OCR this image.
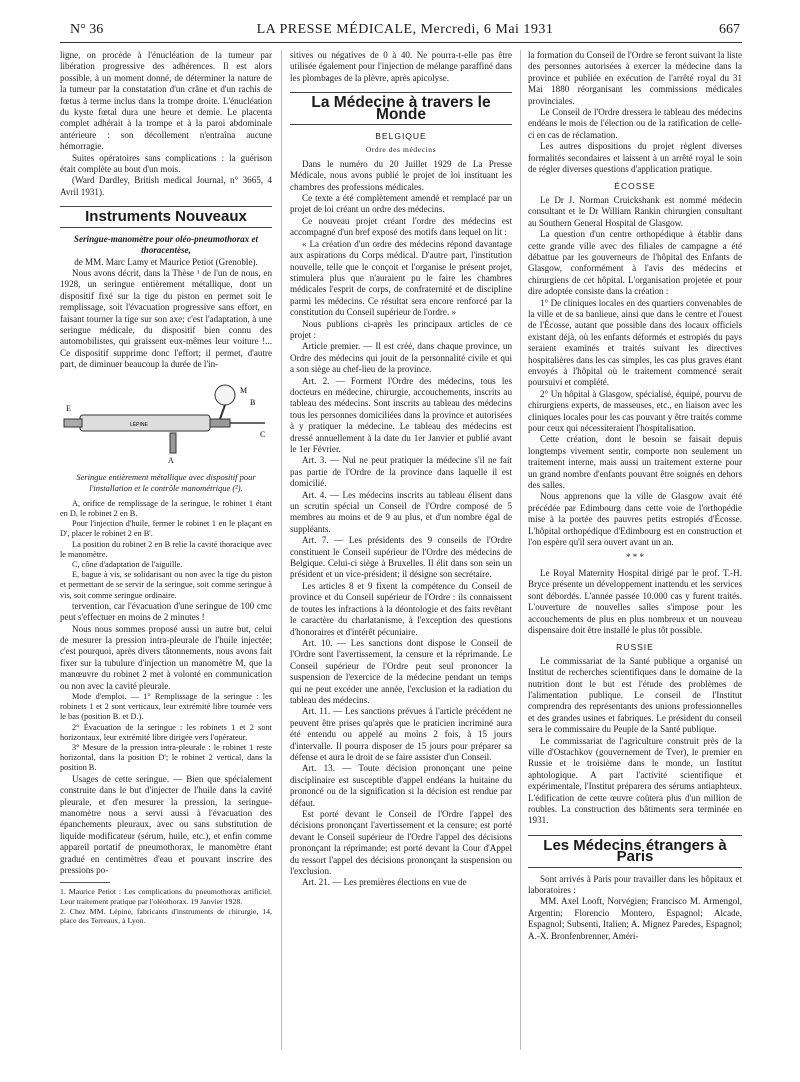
N° 36	LA PRESSE MÉDICALE, Mercredi, 6 Mai 1931	667

ligne, on procède à l'énucléation de la tumeur par libération progressive des adhérences. Il est alors possible, à un moment donné, de déterminer la nature de la tumeur par la constatation d'un crâne et d'un rachis de fœtus à terme inclus dans la trompe droite. L'énucléation du kyste fœtal dura une heure et demie. Le placenta complet adhérait à la trompe et à la paroi abdominale antérieure : son décollement n'entraîna aucune hémorragie.

Suites opératoires sans complications : la guérison était complète au bout d'un mois.

(Ward Dardley, British medical Journal, n° 3665, 4 Avril 1931).

Instruments Nouveaux

Seringue-manomètre pour oléo-pneumothorax et thoracentèse,

de MM. Marc Lamy et Maurice Petiot (Grenoble).

Nous avons décrit, dans la Thèse ¹ de l'un de nous, en 1928, un seringue entièrement métallique, dont un dispositif fixé sur la tige du piston en permet soit le remplissage, soit l'évacuation progressive sans effort, en faisant tourner la tige sur son axe; c'est l'adaptation, à une seringue médicale, du dispositif bien connu des automobilistes, qui graissent eux-mêmes leur voiture !... Ce dispositif supprime donc l'effort; il permet, d'autre part, de diminuer beaucoup la durée de l'in-

LÉPINE
E
M
B
C
A
Seringue entièrement métallique avec dispositif pour l'installation et le contrôle manométrique (²).

A, orifice de remplissage de la seringue, le robinet 1 étant en D, le robinet 2 en B.

Pour l'injection d'huile, fermer le robinet 1 en le plaçant en D', placer le robinet 2 en B'.

La position du robinet 2 en B relie la cavité thoracique avec le manomètre.

C, cône d'adaptation de l'aiguille.

E, bague à vis, se solidarisant ou non avec la tige du piston et permettant de se servir de la seringue, soit comme seringue à vis, soit comme seringue ordinaire.

tervention, car l'évacuation d'une seringue de 100 cmc peut s'effectuer en moins de 2 minutes !

Nous nous sommes proposé aussi un autre but, celui de mesurer la pression intra-pleurale de l'huile injectée; c'est pourquoi, après divers tâtonnements, nous avons fait fixer sur la tubulure d'injection un manomètre M, que la manœuvre du robinet 2 met à volonté en communication ou non avec la cavité pleurale.

Mode d'emploi. — 1° Remplissage de la seringue : les robinets 1 et 2 sont verticaux, leur extrémité libre tournée vers le bas (position B. et D.).

2° Évacuation de la seringue : les robinets 1 et 2 sont horizontaux, leur extrémité libre dirigée vers l'opérateur.

3° Mesure de la pression intra-pleurale : le robinet 1 reste horizontal, dans la position D'; le robinet 2 vertical, dans la position B.

Usages de cette seringue. — Bien que spécialement construite dans le but d'injecter de l'huile dans la cavité pleurale, et d'en mesurer la pression, la seringue-manomètre nous a servi aussi à l'évacuation des épanchements pleuraux, avec ou sans substitution de liquide modificateur (sérum, huile, etc.), et enfin comme appareil portatif de pneumothorax, le manomètre étant gradué en centimètres d'eau et pouvant inscrire des pressions po-

1. Maurice Petiot : Les complications du pneumothorax artificiel. Leur traitement pratique par l'oléothorax. 19 Janvier 1928.

2. Chez MM. Lépine, fabricants d'instruments de chirurgie, 14, place des Terreaux, à Lyon.

sitives ou négatives de 0 à 40. Ne pourra-t-elle pas être utilisée également pour l'injection de mélange paraffiné dans les plombages de la plèvre, après apicolyse.

La Médecine à travers le Monde
BELGIQUE
Ordre des médecins

Dans le numéro du 20 Juillet 1929 de La Presse Médicale, nous avons publié le projet de loi instituant les chambres des professions médicales.

Ce texte a été complètement amendé et remplacé par un projet de loi créant un ordre des médecins.

Ce nouveau projet créant l'ordre des médecins est accompagné d'un bref exposé des motifs dans lequel on lit :

« La création d'un ordre des médecins répond davantage aux aspirations du Corps médical. D'autre part, l'institution nouvelle, telle que le conçoit et l'organise le présent projet, stimulera plus que n'auraient pu le faire les chambres médicales l'esprit de corps, de confraternité et de discipline parmi les médecins. Ce résultat sera encore renforcé par la constitution du Conseil supérieur de l'ordre. »

Nous publions ci-après les principaux articles de ce projet :

Article premier. — Il est créé, dans chaque province, un Ordre des médecins qui jouit de la personnalité civile et qui a son siège au chef-lieu de la province.

Art. 2. — Forment l'Ordre des médecins, tous les docteurs en médecine, chirurgie, accouchements, inscrits au tableau des médecins. Sont inscrits au tableau des médecins tous les personnes domiciliées dans la province et autorisées à y pratiquer la médecine. Le tableau des médecins est dressé annuellement à la date du 1er Janvier et publié avant le 1er Février.

Art. 3. — Nul ne peut pratiquer la médecine s'il ne fait pas partie de l'Ordre de la province dans laquelle il est domicilié.

Art. 4. — Les médecins inscrits au tableau élisent dans un scrutin spécial un Conseil de l'Ordre composé de 5 membres au moins et de 9 au plus, et d'un nombre égal de suppléants.

Art. 7. — Les présidents des 9 conseils de l'Ordre constituent le Conseil supérieur de l'Ordre des médecins de Belgique. Celui-ci siège à Bruxelles. Il élit dans son sein un président et un vice-président; il désigne son secrétaire.

Les articles 8 et 9 fixent la compétence du Conseil de province et du Conseil supérieur de l'Ordre : ils connaissent de toutes les infractions à la déontologie et des faits revêtant le caractère du charlatanisme, à l'exception des questions d'honoraires et d'intérêt pécuniaire.

Art. 10. — Les sanctions dont dispose le Conseil de l'Ordre sont l'avertissement, la censure et la réprimande. Le Conseil supérieur de l'Ordre peut seul prononcer la suspension de l'exercice de la médecine pendant un temps qui ne peut excéder une année, l'exclusion et la radiation du tableau des médecins.

Art. 11. — Les sanctions prévues à l'article précédent ne peuvent être prises qu'après que le praticien incriminé aura été entendu ou appelé au moins 2 fois, à 15 jours d'intervalle. Il pourra disposer de 15 jours pour préparer sa défense et aura le droit de se faire assister d'un Conseil.

Art. 13. — Toute décision prononçant une peine disciplinaire est susceptible d'appel endéans la huitaine du prononcé ou de la signification si la décision est rendue par défaut.

Est porté devant le Conseil de l'Ordre l'appel des décisions prononçant l'avertissement et la censure; est porté devant le Conseil supérieur de l'Ordre l'appel des décisions prononçant la réprimande; est porté devant la Cour d'Appel du ressort l'appel des décisions prononçant la suspension ou l'exclusion.

Art. 21. — Les premières élections en vue de

la formation du Conseil de l'Ordre se feront suivant la liste des personnes autorisées à exercer la médecine dans la province et publiée en exécution de l'arrêté royal du 31 Mai 1880 réorganisant les commissions médicales provinciales.

Le Conseil de l'Ordre dressera le tableau des médecins endéans le mois de l'élection ou de la ratification de celle-ci en cas de réclamation.

Les autres dispositions du projet règlent diverses formalités secondaires et laissent à un arrêté royal le soin de régler diverses questions d'application pratique.

ÉCOSSE

Le Dr J. Norman Cruickshank est nommé médecin consultant et le Dr William Rankin chirurgien consultant au Southern General Hospital de Glasgow.

La question d'un centre orthopédique à établir dans cette grande ville avec des filiales de campagne a été débattue par les gouverneurs de l'hôpital des Enfants de Glasgow, conformément à l'avis des médecins et chirurgiens de cet hôpital. L'organisation projetée et pour dire adoptée consiste dans la création :

1° De cliniques locales en des quartiers convenables de la ville et de sa banlieue, ainsi que dans le centre et l'ouest de l'Écosse, autant que possible dans des locaux officiels existant déjà, où les enfants déformés et estropiés du pays seraient examinés et traités suivant les directives hospitalières dans les cas simples, les cas plus graves étant envoyés à l'hôpital où le traitement commencé serait poursuivi et complété.

2° Un hôpital à Glasgow, spécialisé, équipé, pourvu de chirurgiens experts, de masseuses, etc., en liaison avec les cliniques locales pour les cas pouvant y être traités comme pour ceux qui nécessiteraient l'hospitalisation.

Cette création, dont le besoin se faisait depuis longtemps vivement sentir, comporte non seulement un traitement interne, mais aussi un traitement externe pour un grand nombre d'enfants pouvant être soignés en dehors des salles.

Nous apprenons que la ville de Glasgow avait été précédée par Edimbourg dans cette voie de l'orthopédie mise à la portée des pauvres petits estropiés d'Écosse. L'hôpital orthopédique d'Edimbourg est en construction et l'on espère qu'il sera ouvert avant un an.

* * *

Le Royal Maternity Hospital dirigé par le prof. T.-H. Bryce présente un développement inattendu et les services sont débordés. L'année passée 10.000 cas y furent traités. L'ouverture de nouvelles salles s'impose pour les accouchements de plus en plus nombreux et un nouveau dispensaire doit être installé le plus tôt possible.

RUSSIE

Le commissariat de la Santé publique a organisé un Institut de recherches scientifiques dans le domaine de la nutrition dont le but est l'étude des problèmes de l'alimentation publique. Le conseil de l'Institut comprendra des représentants des unions professionnelles et des grandes usines et fabriques. Le président du conseil sera le commissaire du Peuple de la Santé publique.

Le commissariat de l'agriculture construit près de la ville d'Ostachkov (gouvernement de Tver), le premier en Russie et le troisième dans le monde, un Institut aphtologique. A part l'activité scientifique et expérimentale, l'Institut préparera des sérums antiaphteux. L'édification de cette œuvre coûtera plus d'un million de roubles. La construction des bâtiments sera terminée en 1931.

Les Médecins étrangers à Paris

Sont arrivés à Paris pour travailler dans les hôpitaux et laboratoires :

MM. Axel Looft, Norvégien; Francisco M. Armengol, Argentin; Florencio Montero, Espagnol; Alcade, Espagnol; Subsenti, Italien; A. Mignez Paredes, Espagnol; A.-X. Bronfenbrenner, Améri-
